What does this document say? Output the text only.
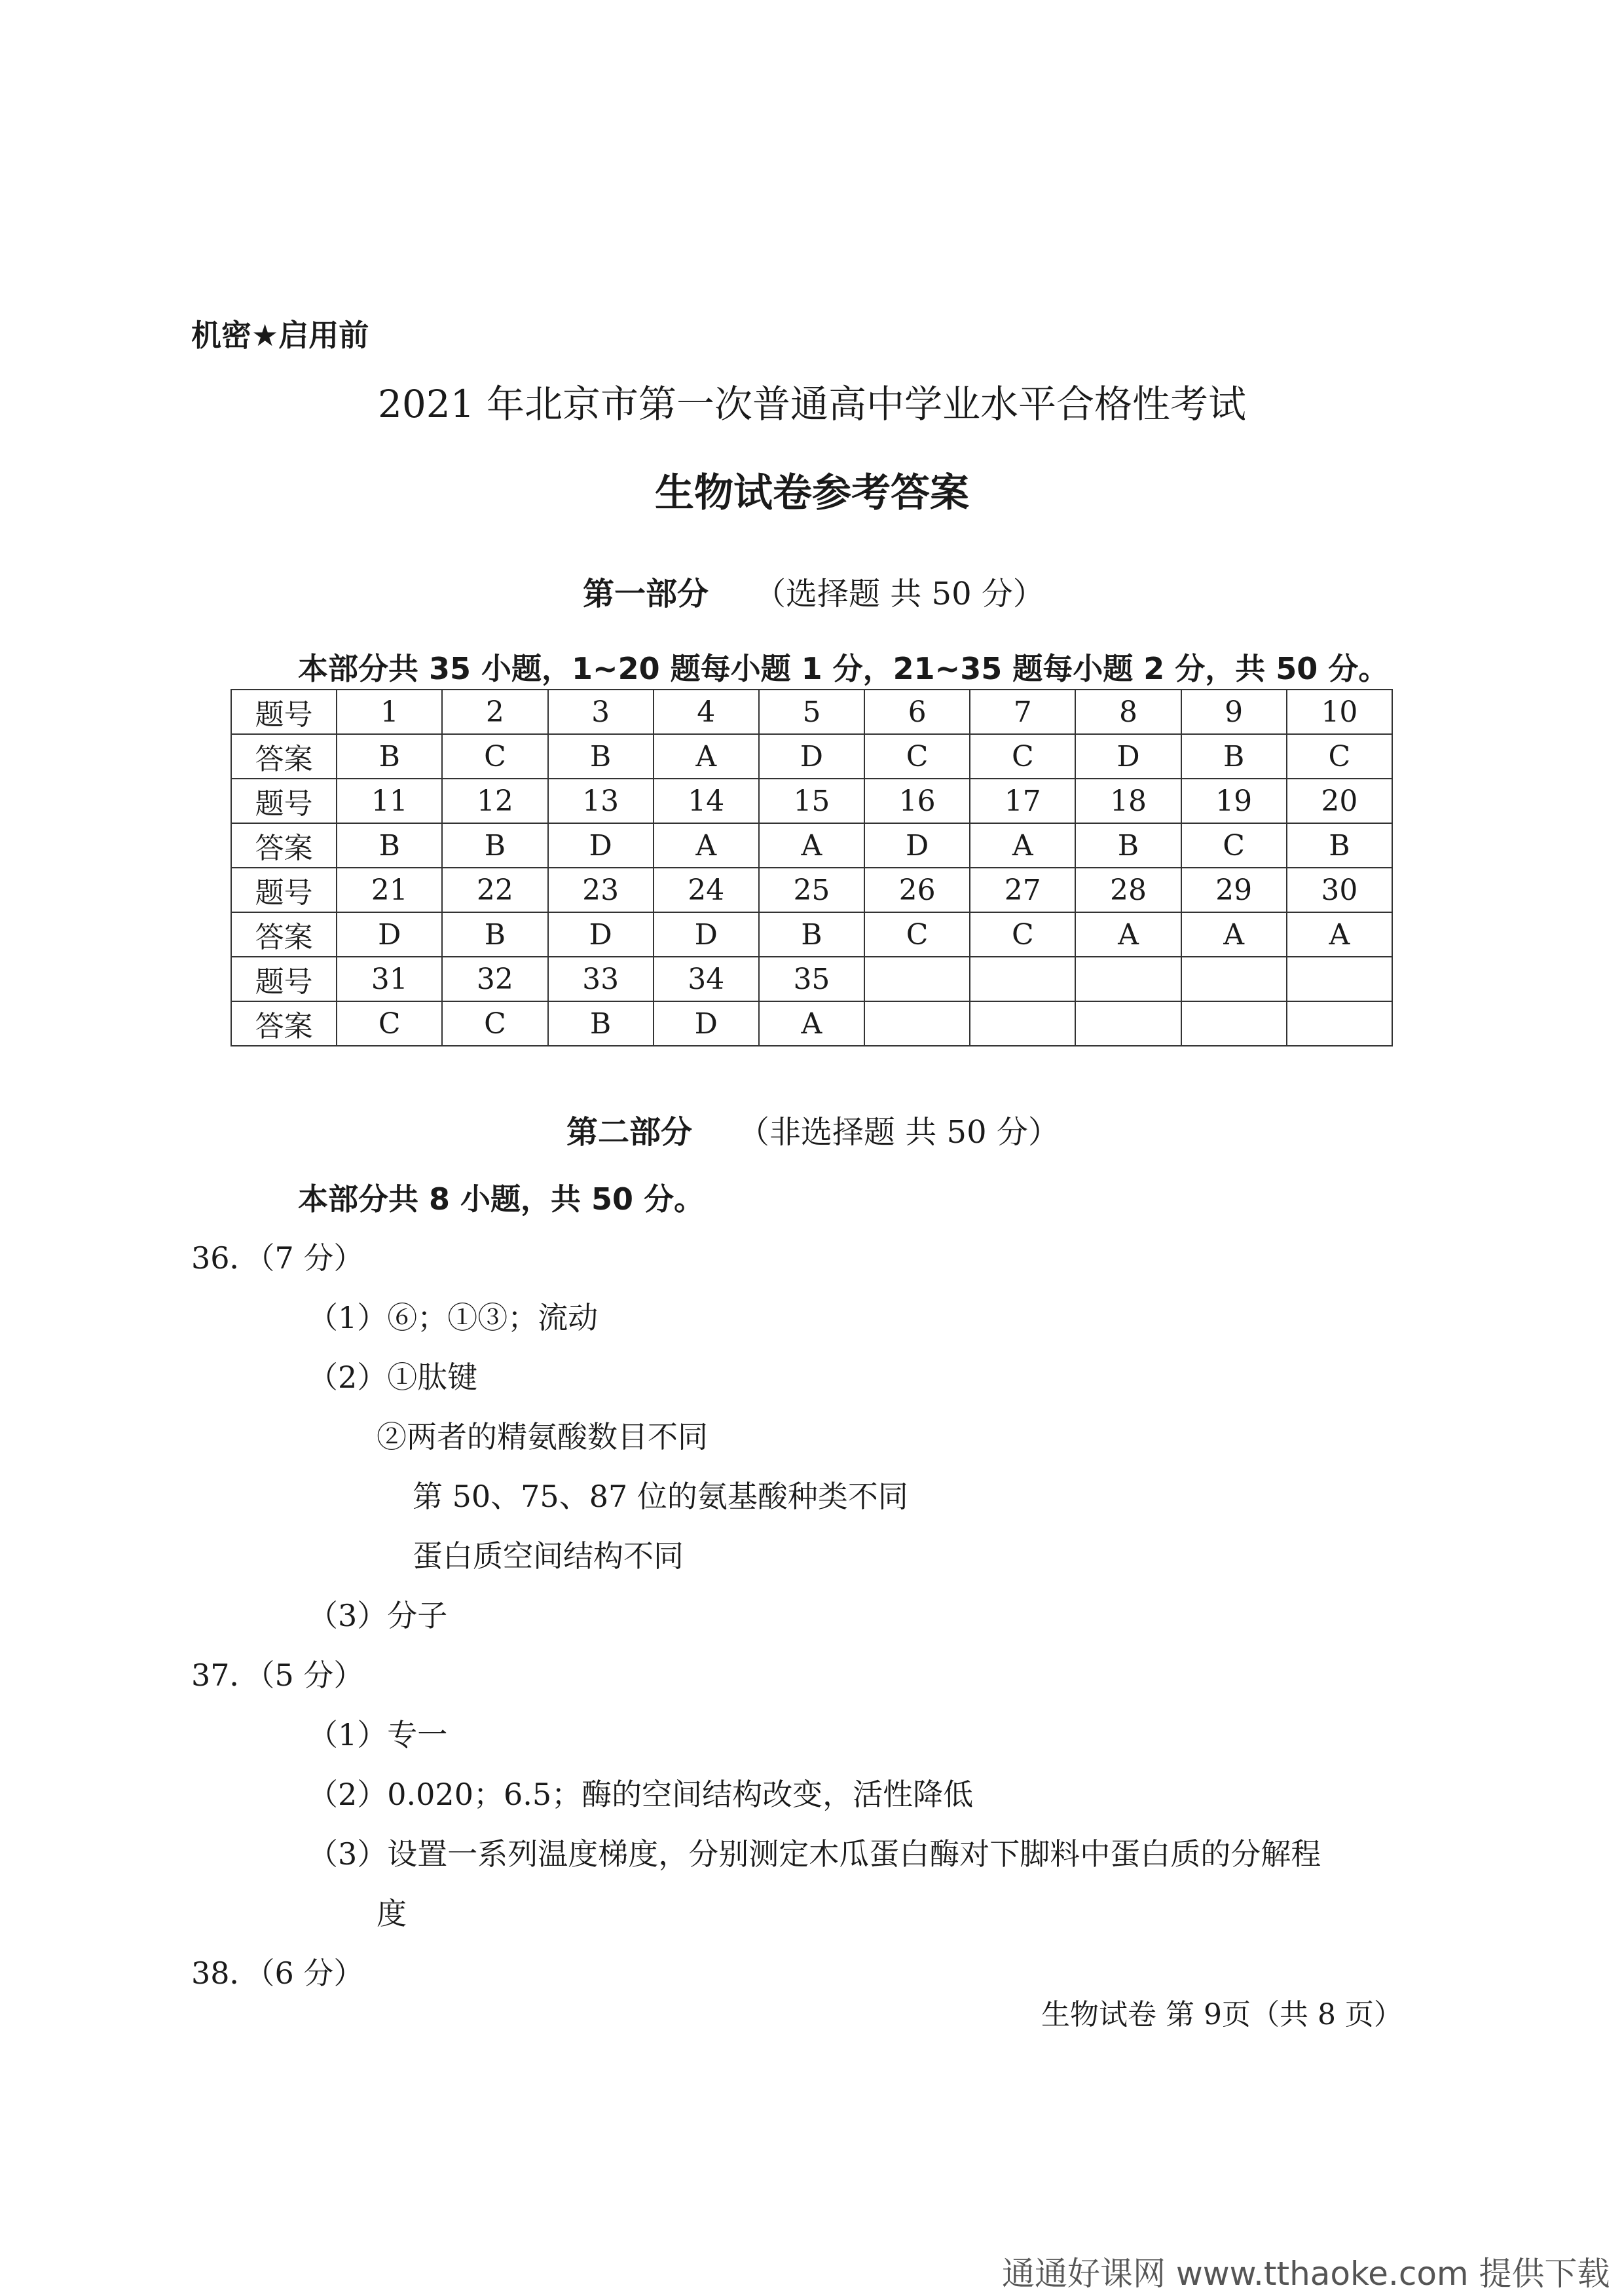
机密★启用前
2021 年北京市第一次普通高中学业水平合格性考试
生物试卷参考答案
第一部分 （选择题 共 50 分）
本部分共 35 小题，1~20 题每小题 1 分，21~35 题每小题 2 分，共 50 分。
题号	1	2	3	4	5	6	7	8	9	10
答案	B	C	B	A	D	C	C	D	B	C
题号	11	12	13	14	15	16	17	18	19	20
答案	B	B	D	A	A	D	A	B	C	B
题号	21	22	23	24	25	26	27	28	29	30
答案	D	B	D	D	B	C	C	A	A	A
题号	31	32	33	34	35					
答案	C	C	B	D	A					
第二部分 （非选择题 共 50 分）
本部分共 8 小题，共 50 分。
36．（7 分）
（1）⑥；①③；流动
（2）①肽键
②两者的精氨酸数目不同
第 50、75、87 位的氨基酸种类不同
蛋白质空间结构不同
（3）分子
37．（5 分）
（1）专一
（2）0.020；6.5；酶的空间结构改变，活性降低
（3）设置一系列温度梯度，分别测定木瓜蛋白酶对下脚料中蛋白质的分解程
度
38．（6 分）
生物试卷 第 9页（共 8 页）
通通好课网 www.tthaoke.com 提供下载
